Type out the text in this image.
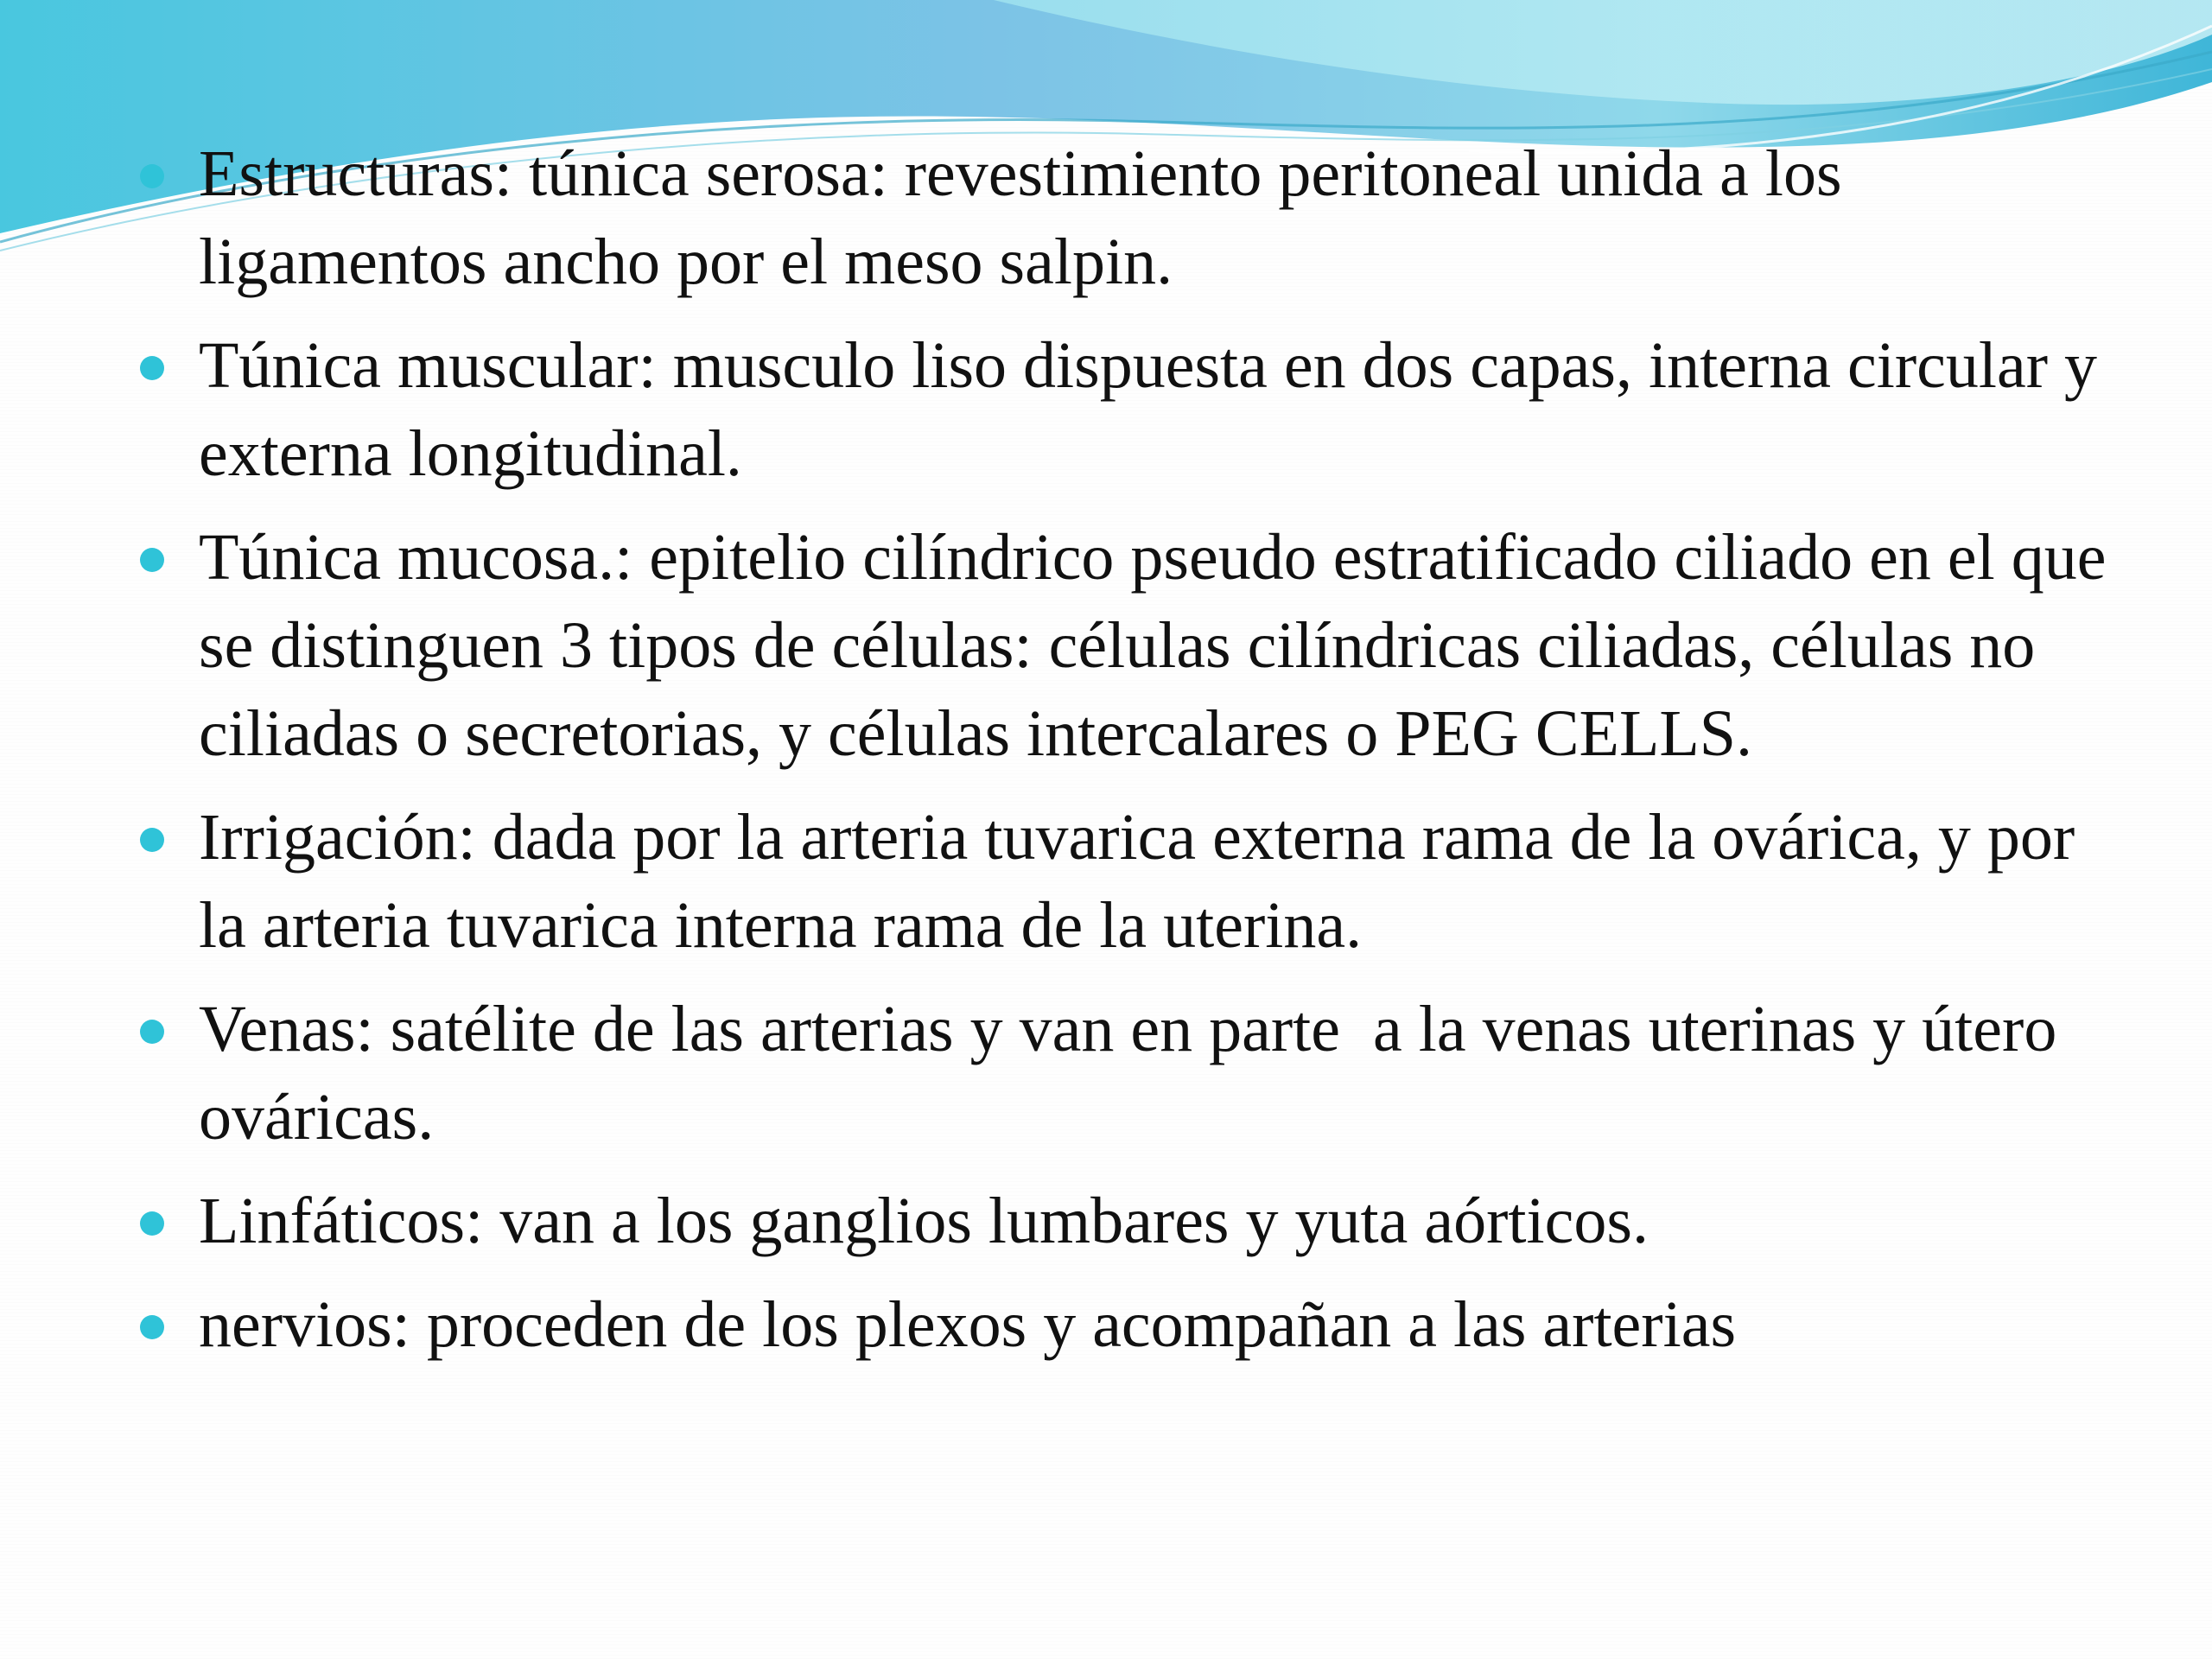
Estructuras: túnica serosa: revestimiento peritoneal unida a los ligamentos ancho por el meso salpin.
Túnica muscular: musculo liso dispuesta en dos capas, interna circular y externa longitudinal.
Túnica mucosa.: epitelio cilíndrico pseudo estratificado ciliado en el que se distinguen 3 tipos de células: células cilíndricas ciliadas, células no ciliadas o secretorias, y células intercalares o PEG CELLS.
Irrigación: dada por la arteria tuvarica externa rama de la ovárica, y por la arteria tuvarica interna rama de la uterina.
Venas: satélite de las arterias y van en parte  a la venas uterinas y útero ováricas.
Linfáticos: van a los ganglios lumbares y yuta aórticos.
nervios: proceden de los plexos y acompañan a las arterias
